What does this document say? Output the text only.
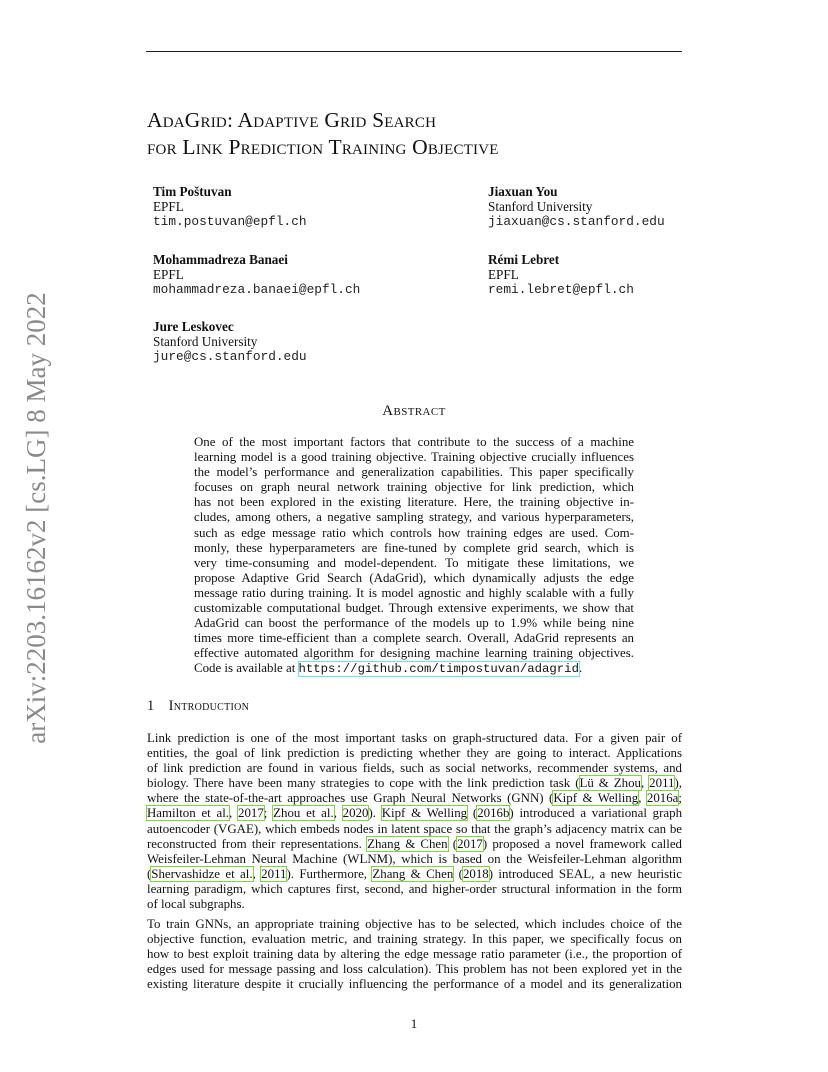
arXiv:2203.16162v2 [cs.LG] 8 May 2022
AdaGrid: Adaptive Grid Search
for Link Prediction Training Objective
Tim Poštuvan
EPFL
tim.postuvan@epfl.ch
Jiaxuan You
Stanford University
jiaxuan@cs.stanford.edu
Mohammadreza Banaei
EPFL
mohammadreza.banaei@epfl.ch
Rémi Lebret
EPFL
remi.lebret@epfl.ch
Jure Leskovec
Stanford University
jure@cs.stanford.edu
Abstract
One of the most important factors that contribute to the success of a machine
learning model is a good training objective. Training objective crucially influences
the model’s performance and generalization capabilities. This paper specifically
focuses on graph neural network training objective for link prediction, which
has not been explored in the existing literature. Here, the training objective in-
cludes, among others, a negative sampling strategy, and various hyperparameters,
such as edge message ratio which controls how training edges are used. Com-
monly, these hyperparameters are fine-tuned by complete grid search, which is
very time-consuming and model-dependent. To mitigate these limitations, we
propose Adaptive Grid Search (AdaGrid), which dynamically adjusts the edge
message ratio during training. It is model agnostic and highly scalable with a fully
customizable computational budget. Through extensive experiments, we show that
AdaGrid can boost the performance of the models up to 1.9% while being nine
times more time-efficient than a complete search. Overall, AdaGrid represents an
effective automated algorithm for designing machine learning training objectives.
Code is available at https://github.com/timpostuvan/adagrid.
1 Introduction
Link prediction is one of the most important tasks on graph-structured data. For a given pair of
entities, the goal of link prediction is predicting whether they are going to interact. Applications
of link prediction are found in various fields, such as social networks, recommender systems, and
biology. There have been many strategies to cope with the link prediction task (Lü & Zhou, 2011),
where the state-of-the-art approaches use Graph Neural Networks (GNN) (Kipf & Welling, 2016a;
Hamilton et al., 2017; Zhou et al., 2020). Kipf & Welling (2016b) introduced a variational graph
autoencoder (VGAE), which embeds nodes in latent space so that the graph’s adjacency matrix can be
reconstructed from their representations. Zhang & Chen (2017) proposed a novel framework called
Weisfeiler-Lehman Neural Machine (WLNM), which is based on the Weisfeiler-Lehman algorithm
(Shervashidze et al., 2011). Furthermore, Zhang & Chen (2018) introduced SEAL, a new heuristic
learning paradigm, which captures first, second, and higher-order structural information in the form
of local subgraphs.
To train GNNs, an appropriate training objective has to be selected, which includes choice of the
objective function, evaluation metric, and training strategy. In this paper, we specifically focus on
how to best exploit training data by altering the edge message ratio parameter (i.e., the proportion of
edges used for message passing and loss calculation). This problem has not been explored yet in the
existing literature despite it crucially influencing the performance of a model and its generalization
1
